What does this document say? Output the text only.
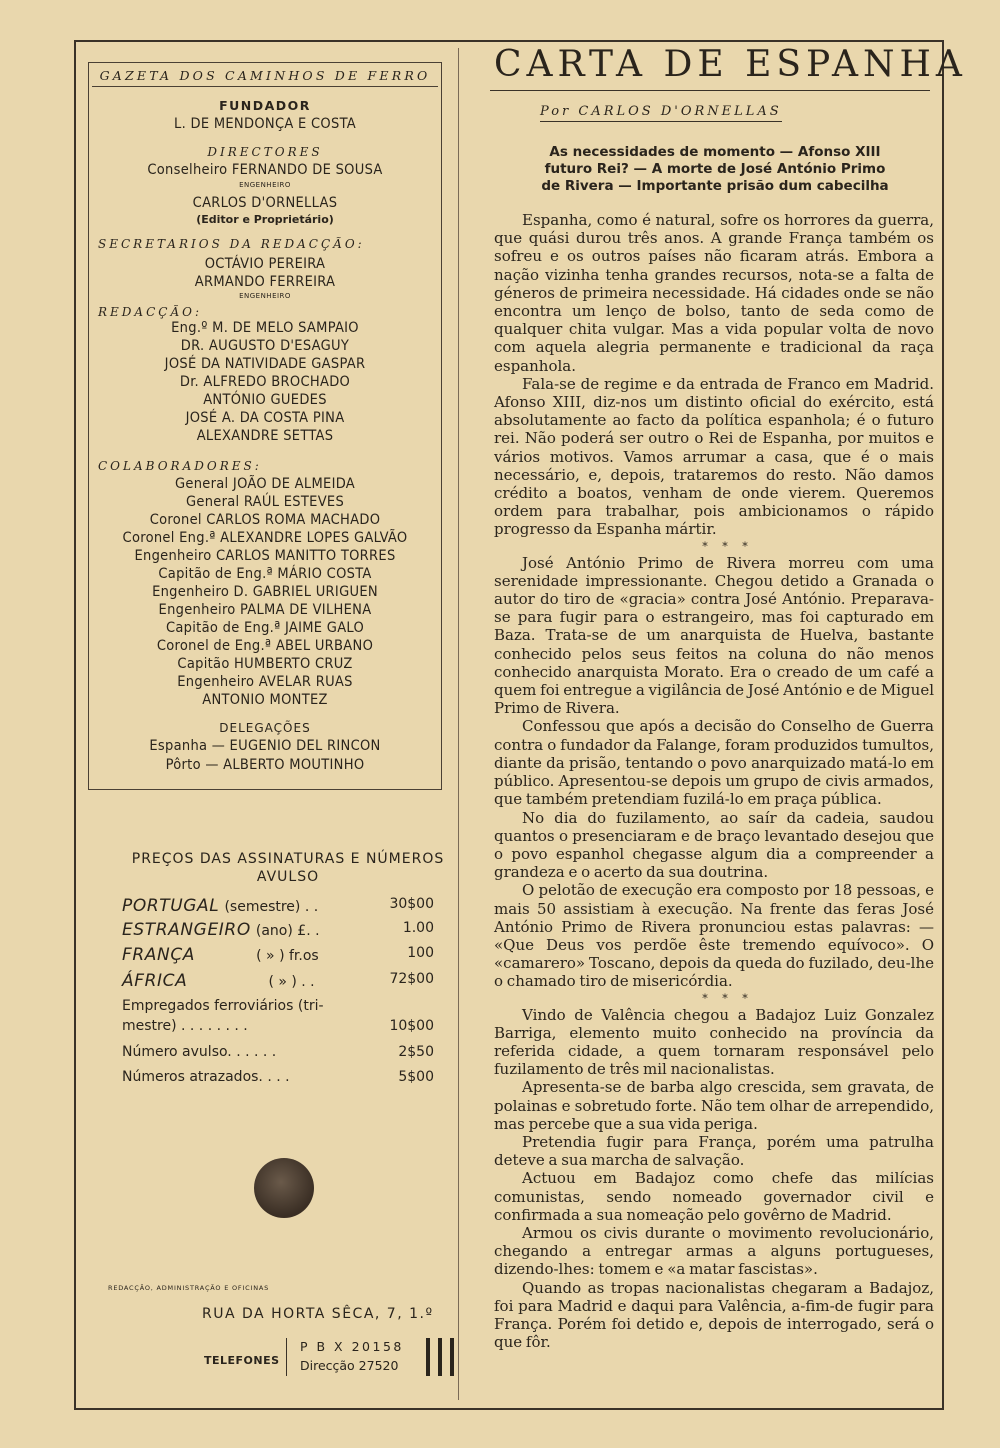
GAZETA DOS CAMINHOS DE FERRO
FUNDADOR
L. DE MENDONÇA E COSTA
DIRECTORES
Conselheiro FERNANDO DE SOUSA
ENGENHEIRO
CARLOS D'ORNELLAS
(Editor e Proprietário)
SECRETARIOS DA REDACÇÃO:
OCTÁVIO PEREIRA
ARMANDO FERREIRA
ENGENHEIRO
REDACÇÃO:
Eng.º M. DE MELO SAMPAIO
DR. AUGUSTO D'ESAGUY
JOSÉ DA NATIVIDADE GASPAR
Dr. ALFREDO BROCHADO
ANTÓNIO GUEDES
JOSÉ A. DA COSTA PINA
ALEXANDRE SETTAS
COLABORADORES:
General JOÃO DE ALMEIDA
General RAÚL ESTEVES
Coronel CARLOS ROMA MACHADO
Coronel Eng.ª ALEXANDRE LOPES GALVÃO
Engenheiro CARLOS MANITTO TORRES
Capitão de Eng.ª MÁRIO COSTA
Engenheiro D. GABRIEL URIGUEN
Engenheiro PALMA DE VILHENA
Capitão de Eng.ª JAIME GALO
Coronel de Eng.ª ABEL URBANO
Capitão HUMBERTO CRUZ
Engenheiro AVELAR RUAS
ANTONIO MONTEZ
DELEGAÇÕES
Espanha — EUGENIO DEL RINCON
Pôrto — ALBERTO MOUTINHO
PREÇOS DAS ASSINATURAS E NÚMEROS
AVULSO
PORTUGAL (semestre) . .	30$00
ESTRANGEIRO (ano) £. .	1.00
FRANÇA	( » ) fr.os	100
ÁFRICA	( » ) . .	72$00
Empregados ferroviários (tri-
mestre) . . . . . . . .	10$00
Número avulso. . . . . .	2$50
Números atrazados. . . .	5$00
REDACÇÃO, ADMINISTRAÇÃO E OFICINAS
RUA DA HORTA SÊCA, 7, 1.º
TELEFONES
P B X 20158
Direcção 27520
CARTA DE ESPANHA
Por CARLOS D'ORNELLAS
As necessidades de momento — Afonso XIII futuro Rei? — A morte de José António Primo de Rivera — Importante prisão dum cabecilha

Espanha, como é natural, sofre os horrores da guerra, que quási durou três anos. A grande França também os sofreu e os outros países não ficaram atrás. Embora a nação vizinha tenha grandes recursos, nota-se a falta de géneros de primeira necessidade. Há cidades onde se não encontra um lenço de bolso, tanto de seda como de qualquer chita vulgar. Mas a vida popular volta de novo com aquela alegria permanente e tradicional da raça espanhola.

Fala-se de regime e da entrada de Franco em Madrid. Afonso XIII, diz-nos um distinto oficial do exército, está absolutamente ao facto da política espanhola; é o futuro rei. Não poderá ser outro o Rei de Espanha, por muitos e vários motivos. Vamos arrumar a casa, que é o mais necessário, e, depois, trataremos do resto. Não damos crédito a boatos, venham de onde vierem. Queremos ordem para trabalhar, pois ambicionamos o rápido progresso da Espanha mártir.

* * *

José António Primo de Rivera morreu com uma serenidade impressionante. Chegou detido a Granada o autor do tiro de «gracia» contra José António. Preparava-se para fugir para o estrangeiro, mas foi capturado em Baza. Trata-se de um anarquista de Huelva, bastante conhecido pelos seus feitos na coluna do não menos conhecido anarquista Morato. Era o creado de um café a quem foi entregue a vigilância de José António e de Miguel Primo de Rivera.

Confessou que após a decisão do Conselho de Guerra contra o fundador da Falange, foram produzidos tumultos, diante da prisão, tentando o povo anarquizado matá-lo em público. Apresentou-se depois um grupo de civis armados, que também pretendiam fuzilá-lo em praça pública.

No dia do fuzilamento, ao saír da cadeia, saudou quantos o presenciaram e de braço levantado desejou que o povo espanhol chegasse algum dia a compreender a grandeza e o acerto da sua doutrina.

O pelotão de execução era composto por 18 pessoas, e mais 50 assistiam à execução. Na frente das feras José António Primo de Rivera pronunciou estas palavras: — «Que Deus vos perdõe êste tremendo equívoco». O «camarero» Toscano, depois da queda do fuzilado, deu-lhe o chamado tiro de misericórdia.

* * *

Vindo de Valência chegou a Badajoz Luiz Gonzalez Barriga, elemento muito conhecido na província da referida cidade, a quem tornaram responsável pelo fuzilamento de três mil nacionalistas.

Apresenta-se de barba algo crescida, sem gravata, de polainas e sobretudo forte. Não tem olhar de arrependido, mas percebe que a sua vida periga.

Pretendia fugir para França, porém uma patrulha deteve a sua marcha de salvação.

Actuou em Badajoz como chefe das milícias comunistas, sendo nomeado governador civil e confirmada a sua nomeação pelo govêrno de Madrid.

Armou os civis durante o movimento revolucionário, chegando a entregar armas a alguns portugueses, dizendo-lhes: tomem e «a matar fascistas».

Quando as tropas nacionalistas chegaram a Badajoz, foi para Madrid e daqui para Valência, a-fim-de fugir para França. Porém foi detido e, depois de interrogado, será o que fôr.
